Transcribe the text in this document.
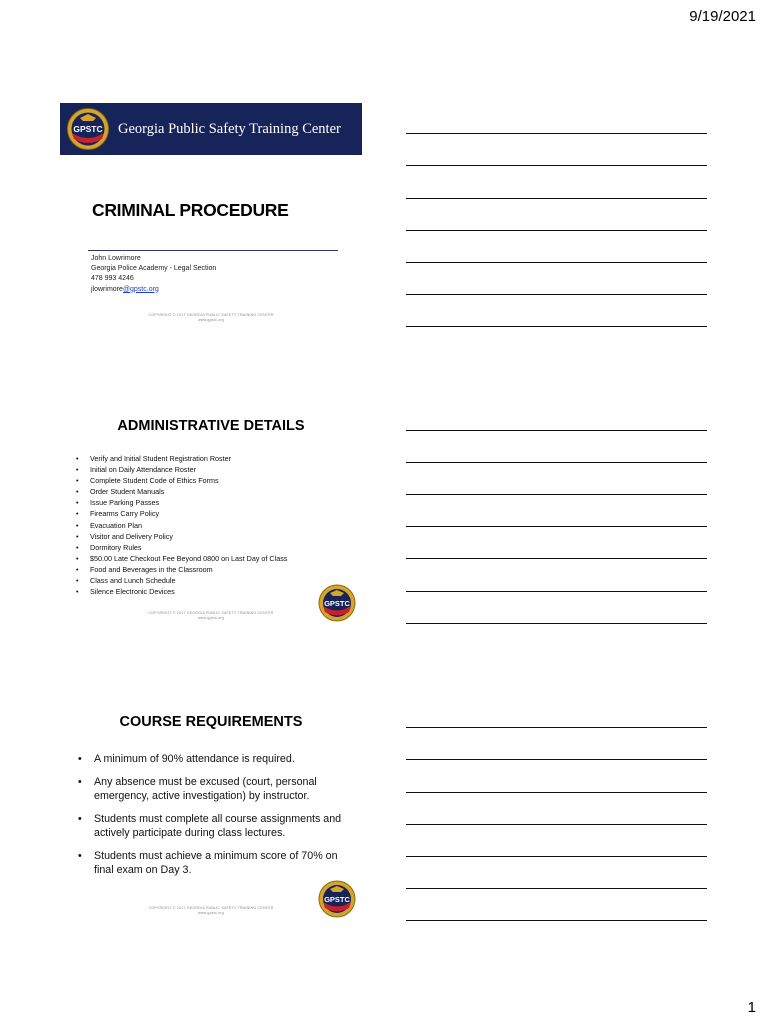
9/19/2021
GPSTC Georgia Public Safety Training Center
CRIMINAL PROCEDURE
John Lowrimore
Georgia Police Academy - Legal Section
478 993 4246
jlowrimore@gpstc.org
COPYRIGHT © 2017 GEORGIA PUBLIC SAFETY TRAINING CENTER
www.gpstc.org
ADMINISTRATIVE DETAILS
• Verify and Initial Student Registration Roster
• Initial on Daily Attendance Roster
• Complete Student Code of Ethics Forms
• Order Student Manuals
• Issue Parking Passes
• Firearms Carry Policy
• Evacuation Plan
• Visitor and Delivery Policy
• Dormitory Rules
• $50.00 Late Checkout Fee Beyond 0800 on Last Day of Class
• Food and Beverages in the Classroom
• Class and Lunch Schedule
• Silence Electronic Devices
COPYRIGHT © 2017 GEORGIA PUBLIC SAFETY TRAINING CENTER
www.gpstc.org
GPSTC
COURSE REQUIREMENTS
• A minimum of 90% attendance is required.
• Any absence must be excused (court, personal emergency, active investigation) by instructor.
• Students must complete all course assignments and actively participate during class lectures.
• Students must achieve a minimum score of 70% on final exam on Day 3.
COPYRIGHT © 2017 GEORGIA PUBLIC SAFETY TRAINING CENTER
www.gpstc.org
GPSTC
1
